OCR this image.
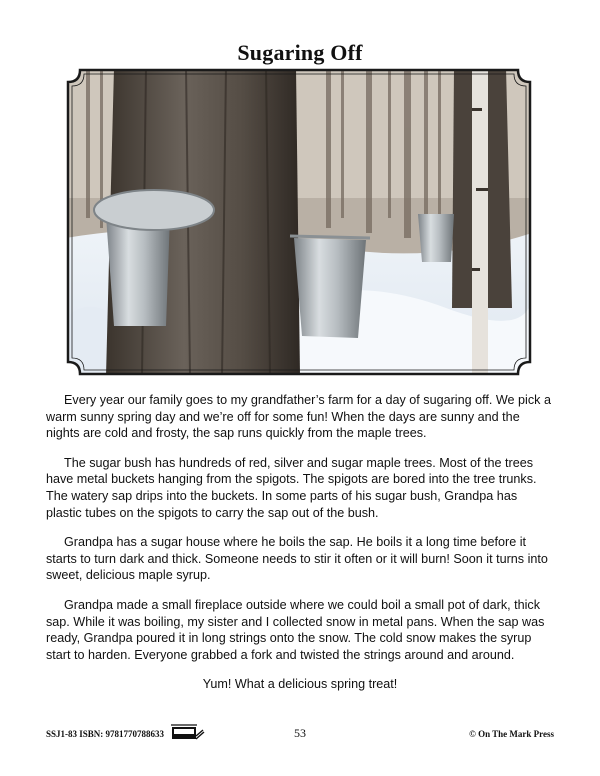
Sugaring Off

Every year our family goes to my grandfather’s farm for a day of sugaring off. We pick a warm sunny spring day and we’re off for some fun! When the days are sunny and the nights are cold and frosty, the sap runs quickly from the maple trees.

The sugar bush has hundreds of red, silver and sugar maple trees. Most of the trees have metal buckets hanging from the spigots. The spigots are bored into the tree trunks. The watery sap drips into the buckets. In some parts of his sugar bush, Grandpa has plastic tubes on the spigots to carry the sap out of the bush.

Grandpa has a sugar house where he boils the sap. He boils it a long time before it starts to turn dark and thick. Someone needs to stir it often or it will burn! Soon it turns into sweet, delicious maple syrup.

Grandpa made a small fireplace outside where we could boil a small pot of dark, thick sap. While it was boiling, my sister and I collected snow in metal pans. When the sap was ready, Grandpa poured it in long strings onto the snow. The cold snow makes the syrup start to harden. Everyone grabbed a fork and twisted the strings around and around.

Yum! What a delicious spring treat!

SSJ1-83 ISBN: 9781770788633	53	© On The Mark Press
